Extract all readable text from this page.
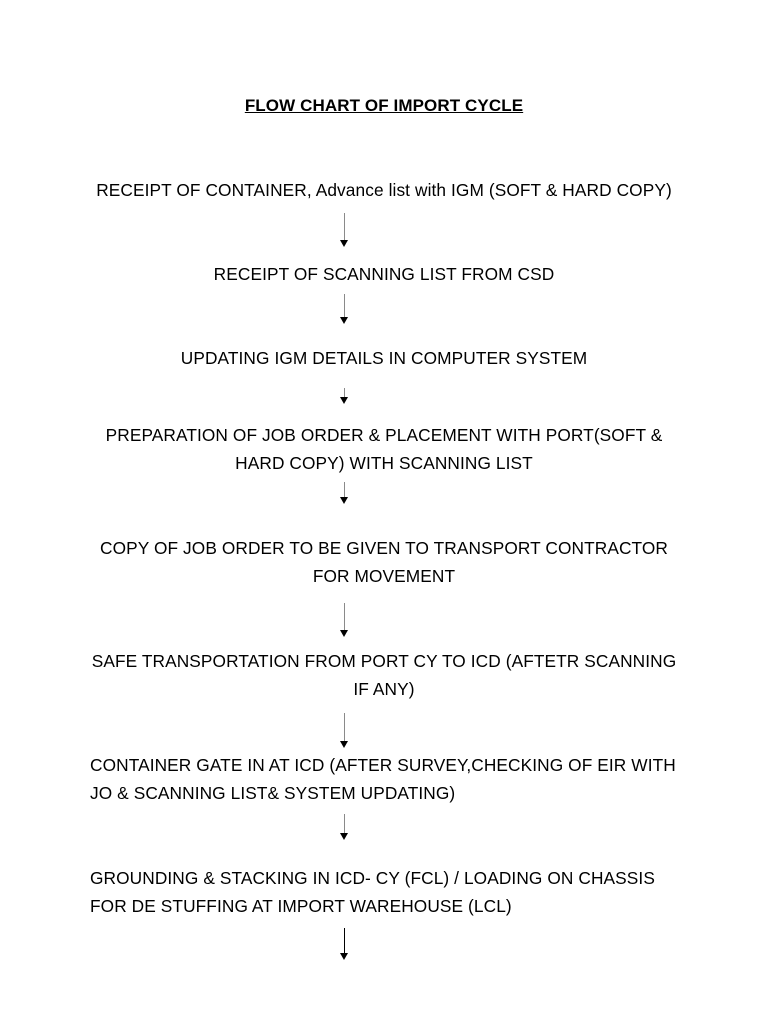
FLOW CHART OF IMPORT CYCLE
RECEIPT OF CONTAINER, Advance list with IGM (SOFT & HARD COPY)
RECEIPT OF SCANNING LIST FROM CSD
UPDATING IGM DETAILS IN COMPUTER SYSTEM
PREPARATION OF JOB ORDER & PLACEMENT WITH PORT(SOFT & HARD COPY) WITH SCANNING LIST
COPY OF JOB ORDER TO BE GIVEN TO TRANSPORT CONTRACTOR FOR MOVEMENT
SAFE TRANSPORTATION FROM PORT CY TO ICD (AFTETR SCANNING IF ANY)
CONTAINER GATE IN AT ICD (AFTER SURVEY,CHECKING OF EIR WITH JO & SCANNING LIST& SYSTEM UPDATING)
GROUNDING & STACKING IN ICD- CY (FCL) / LOADING ON CHASSIS FOR DE STUFFING AT IMPORT WAREHOUSE (LCL)
